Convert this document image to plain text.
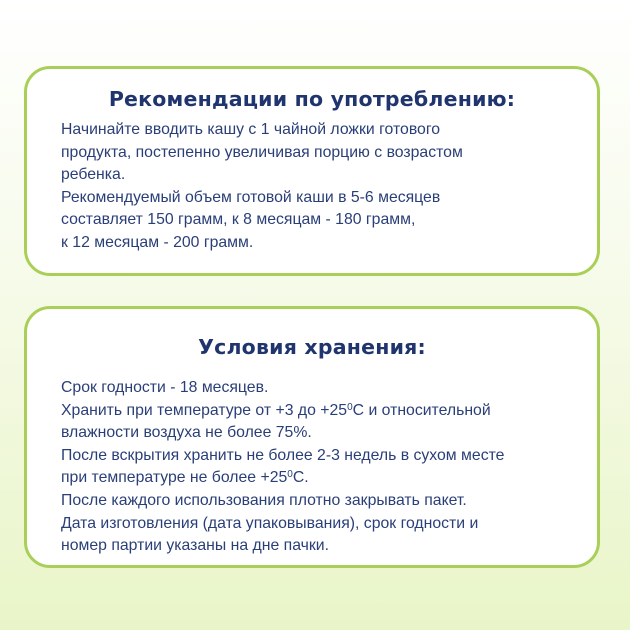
Рекомендации по употреблению:
Начинайте вводить кашу с 1 чайной ложки готового
продукта, постепенно увеличивая порцию с возрастом
ребенка.
Рекомендуемый объем готовой каши в 5-6 месяцев
составляет 150 грамм, к 8 месяцам - 180 грамм,
к 12 месяцам - 200 грамм.
Условия хранения:
Срок годности - 18 месяцев.
Хранить при температуре от +3 до $+25^0С$ и относительной
влажности воздуха не более 75%.
После вскрытия хранить не более 2-3 недель в сухом месте
при температуре не более $+25^0С$.
После каждого использования плотно закрывать пакет.
Дата изготовления (дата упаковывания), срок годности и
номер партии указаны на дне пачки.
